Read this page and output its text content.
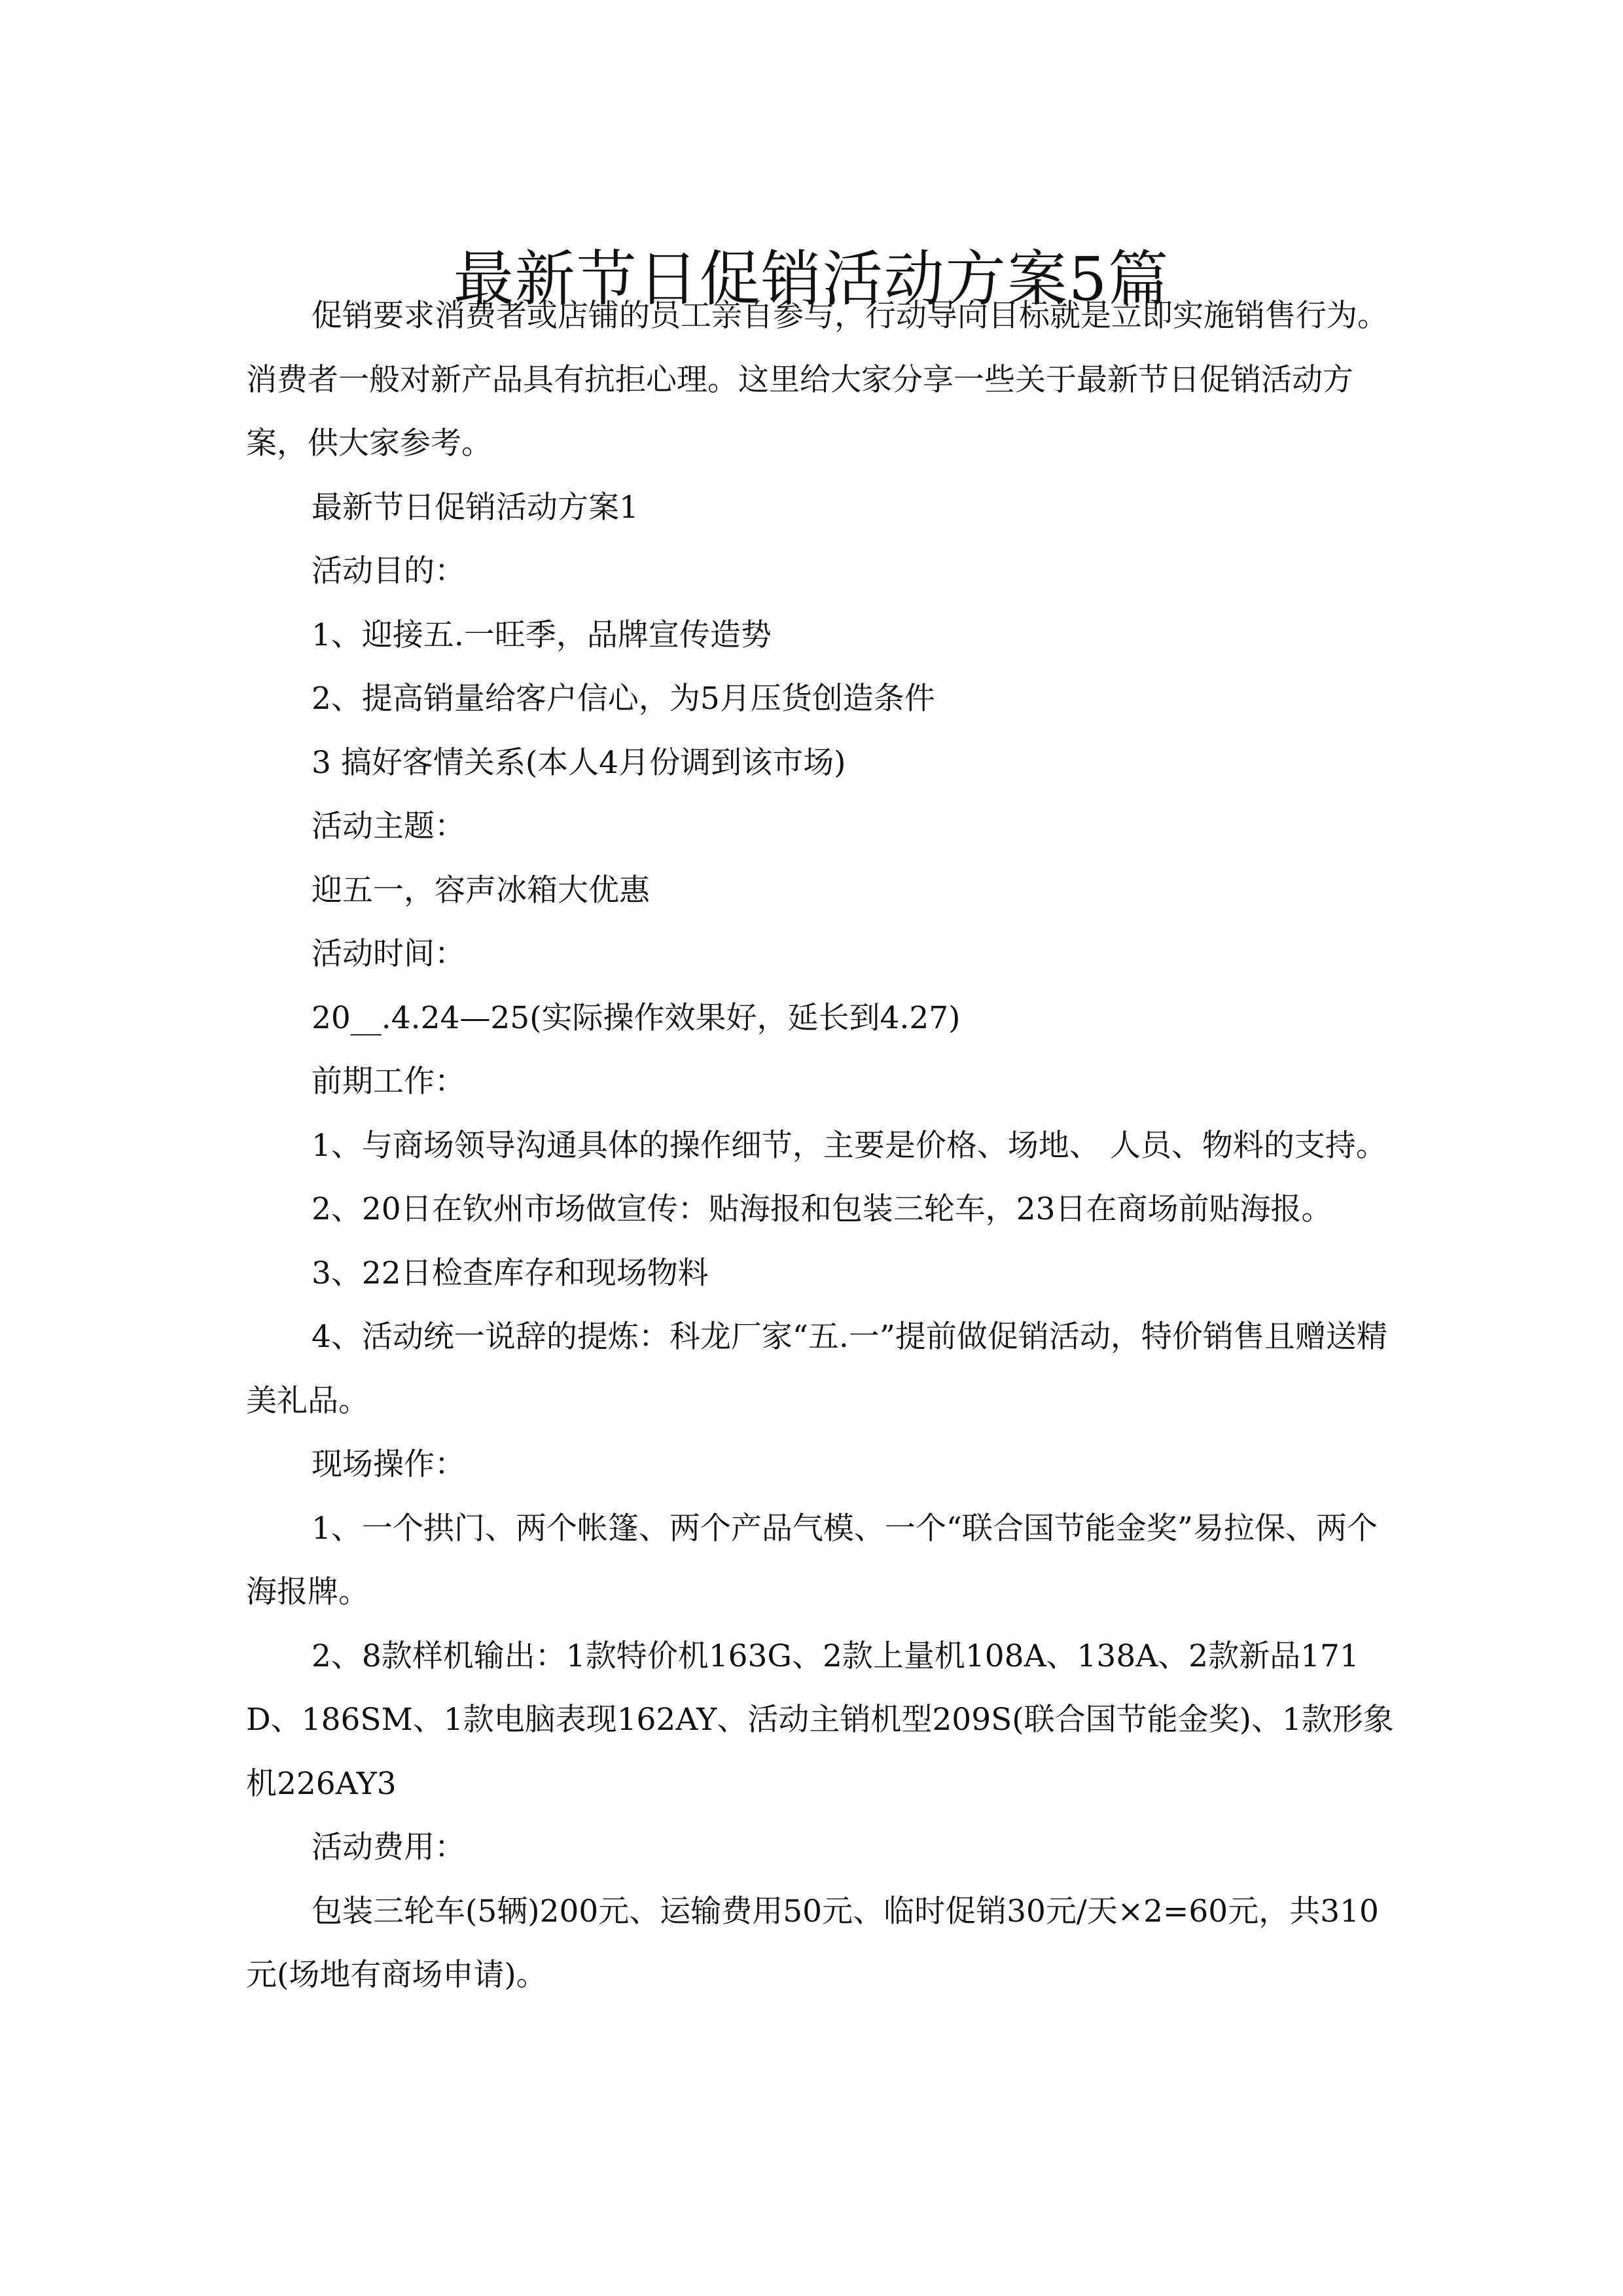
最新节日促销活动方案5篇

促销要求消费者或店铺的员工亲自参与，行动导向目标就是立即实施销售行为。消费者一般对新产品具有抗拒心理。这里给大家分享一些关于最新节日促销活动方案，供大家参考。

最新节日促销活动方案1

活动目的：

1、迎接五.一旺季，品牌宣传造势

2、提高销量给客户信心，为5月压货创造条件

3 搞好客情关系(本人4月份调到该市场)

活动主题：

迎五一，容声冰箱大优惠

活动时间：

20__.4.24—25(实际操作效果好，延长到4.27)

前期工作：

1、与商场领导沟通具体的操作细节，主要是价格、场地、 人员、物料的支持。

2、20日在钦州市场做宣传：贴海报和包装三轮车，23日在商场前贴海报。

3、22日检查库存和现场物料

4、活动统一说辞的提炼：科龙厂家“五.一”提前做促销活动，特价销售且赠送精美礼品。

现场操作：

1、一个拱门、两个帐篷、两个产品气模、一个“联合国节能金奖”易拉保、两个海报牌。

2、8款样机输出：1款特价机163G、2款上量机108A、138A、2款新品171D、186SM、1款电脑表现162AY、活动主销机型209S(联合国节能金奖)、1款形象机226AY3

活动费用：

包装三轮车(5辆)200元、运输费用50元、临时促销30元/天×2=60元，共310元(场地有商场申请)。
